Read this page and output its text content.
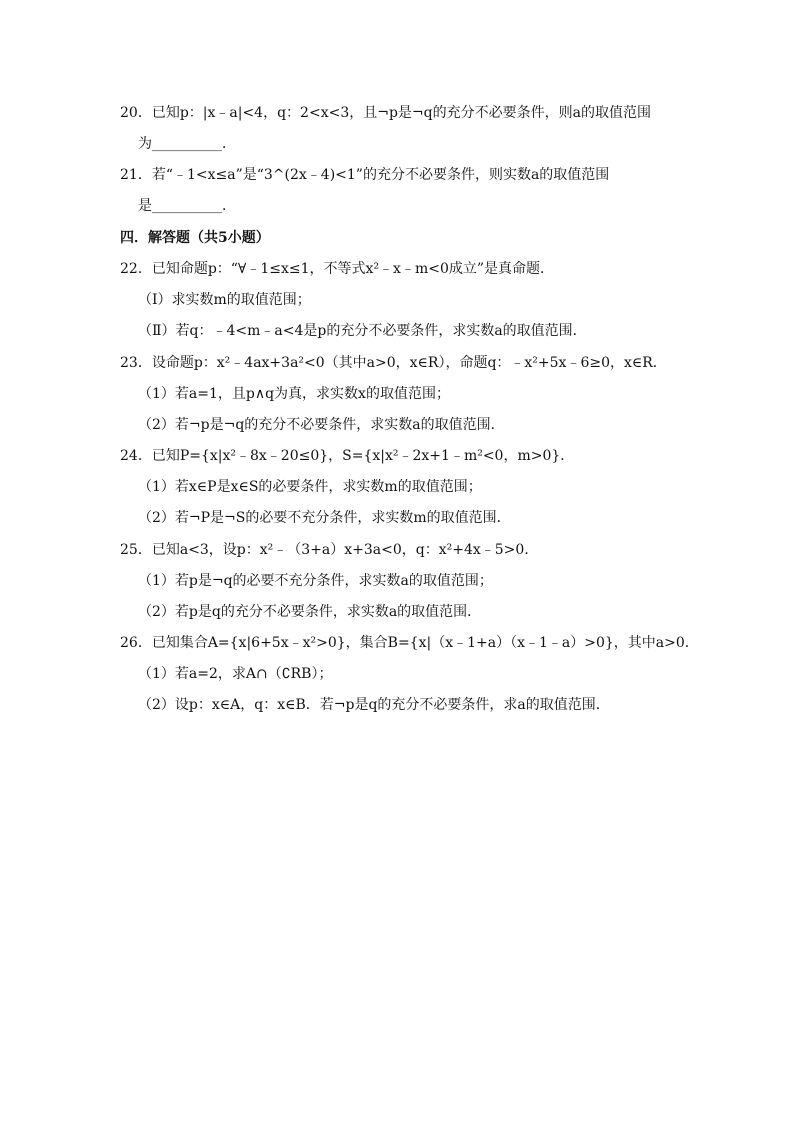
20．已知p：|x﹣a|<4，q：2<x<3，且¬p是¬q的充分不必要条件，则a的取值范围
为__________．
21．若“﹣1<x≤a”是“3^(2x﹣4)<1”的充分不必要条件，则实数a的取值范围
是__________．
四．解答题（共5小题）
22．已知命题p：“∀﹣1≤x≤1，不等式x²﹣x﹣m<0成立”是真命题．
（Ⅰ）求实数m的取值范围；
（Ⅱ）若q：﹣4<m﹣a<4是p的充分不必要条件，求实数a的取值范围．
23．设命题p：x²﹣4ax+3a²<0（其中a>0，x∈R），命题q：﹣x²+5x﹣6≥0，x∈R．
（1）若a=1，且p∧q为真，求实数x的取值范围；
（2）若¬p是¬q的充分不必要条件，求实数a的取值范围．
24．已知P={x|x²﹣8x﹣20≤0}，S={x|x²﹣2x+1﹣m²<0，m>0}．
（1）若x∈P是x∈S的必要条件，求实数m的取值范围；
（2）若¬P是¬S的必要不充分条件，求实数m的取值范围．
25．已知a<3，设p：x²﹣（3+a）x+3a<0，q：x²+4x﹣5>0．
（1）若p是¬q的必要不充分条件，求实数a的取值范围；
（2）若p是q的充分不必要条件，求实数a的取值范围．
26．已知集合A={x|6+5x﹣x²>0}，集合B={x|（x﹣1+a）（x﹣1﹣a）>0}，其中a>0．
（1）若a=2，求A∩（∁RB）；
（2）设p：x∈A，q：x∈B．若¬p是q的充分不必要条件，求a的取值范围．
